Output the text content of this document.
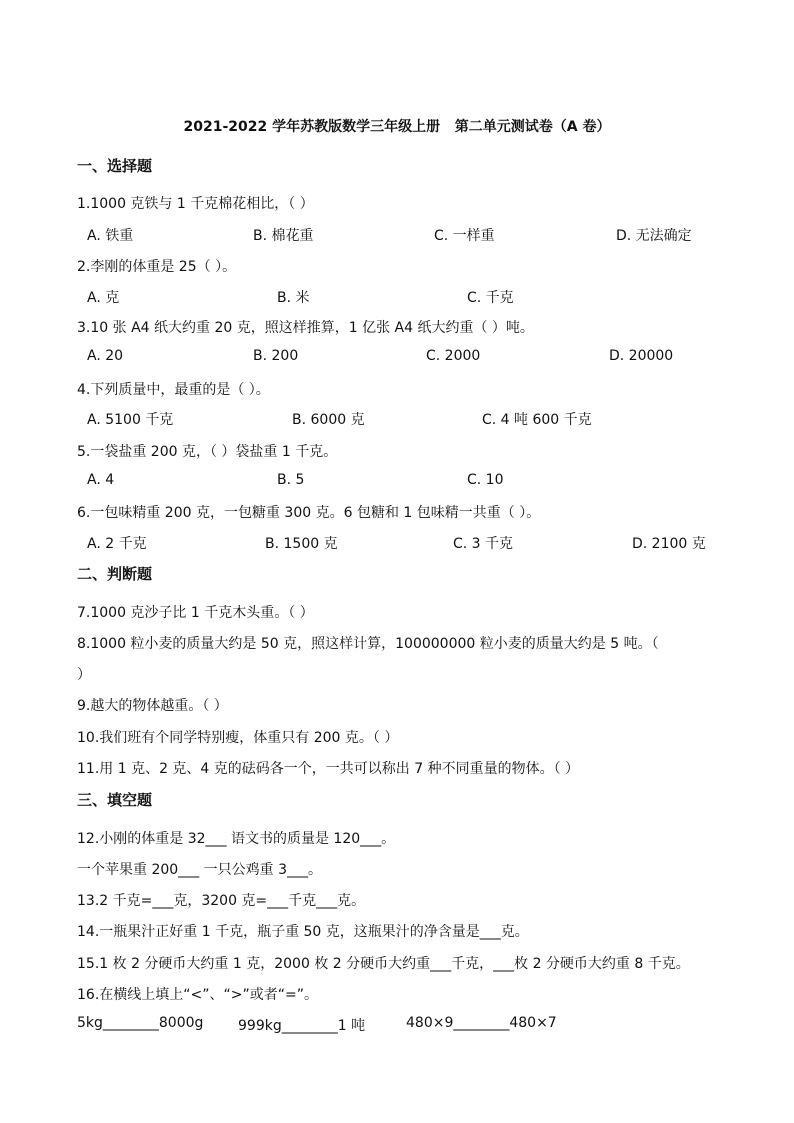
2021-2022 学年苏教版数学三年级上册   第二单元测试卷（A 卷）
一、选择题
1.1000 克铁与 1 千克棉花相比，（ ）
A. 铁重	B. 棉花重	C. 一样重	D. 无法确定
2.李刚的体重是 25（ ）。
A. 克	B. 米	C. 千克
3.10 张 A4 纸大约重 20 克，照这样推算，1 亿张 A4 纸大约重（ ）吨。
A. 20	B. 200	C. 2000	D. 20000
4.下列质量中，最重的是（ ）。
A. 5100 千克	B. 6000 克	C. 4 吨 600 千克
5.一袋盐重 200 克，（ ）袋盐重 1 千克。
A. 4	B. 5	C. 10
6.一包味精重 200 克，一包糖重 300 克。6 包糖和 1 包味精一共重（ ）。
A. 2 千克	B. 1500 克	C. 3 千克	D. 2100 克
二、判断题
7.1000 克沙子比 1 千克木头重。（ ）
8.1000 粒小麦的质量大约是 50 克，照这样计算，100000000 粒小麦的质量大约是 5 吨。（
）
9.越大的物体越重。（ ）
10.我们班有个同学特别瘦，体重只有 200 克。（ ）
11.用 1 克、2 克、4 克的砝码各一个，一共可以称出 7 种不同重量的物体。（ ）
三、填空题
12.小刚的体重是 32___ 语文书的质量是 120___。
一个苹果重 200___ 一只公鸡重 3___。
13.2 千克=___克，3200 克=___千克___克。
14.一瓶果汁正好重 1 千克，瓶子重 50 克，这瓶果汁的净含量是___克。
15.1 枚 2 分硬币大约重 1 克，2000 枚 2 分硬币大约重___千克，___枚 2 分硬币大约重 8 千克。
16.在横线上填上“<”、“>”或者“=”。
5kg________8000g 999kg________1 吨	480×9________480×7
